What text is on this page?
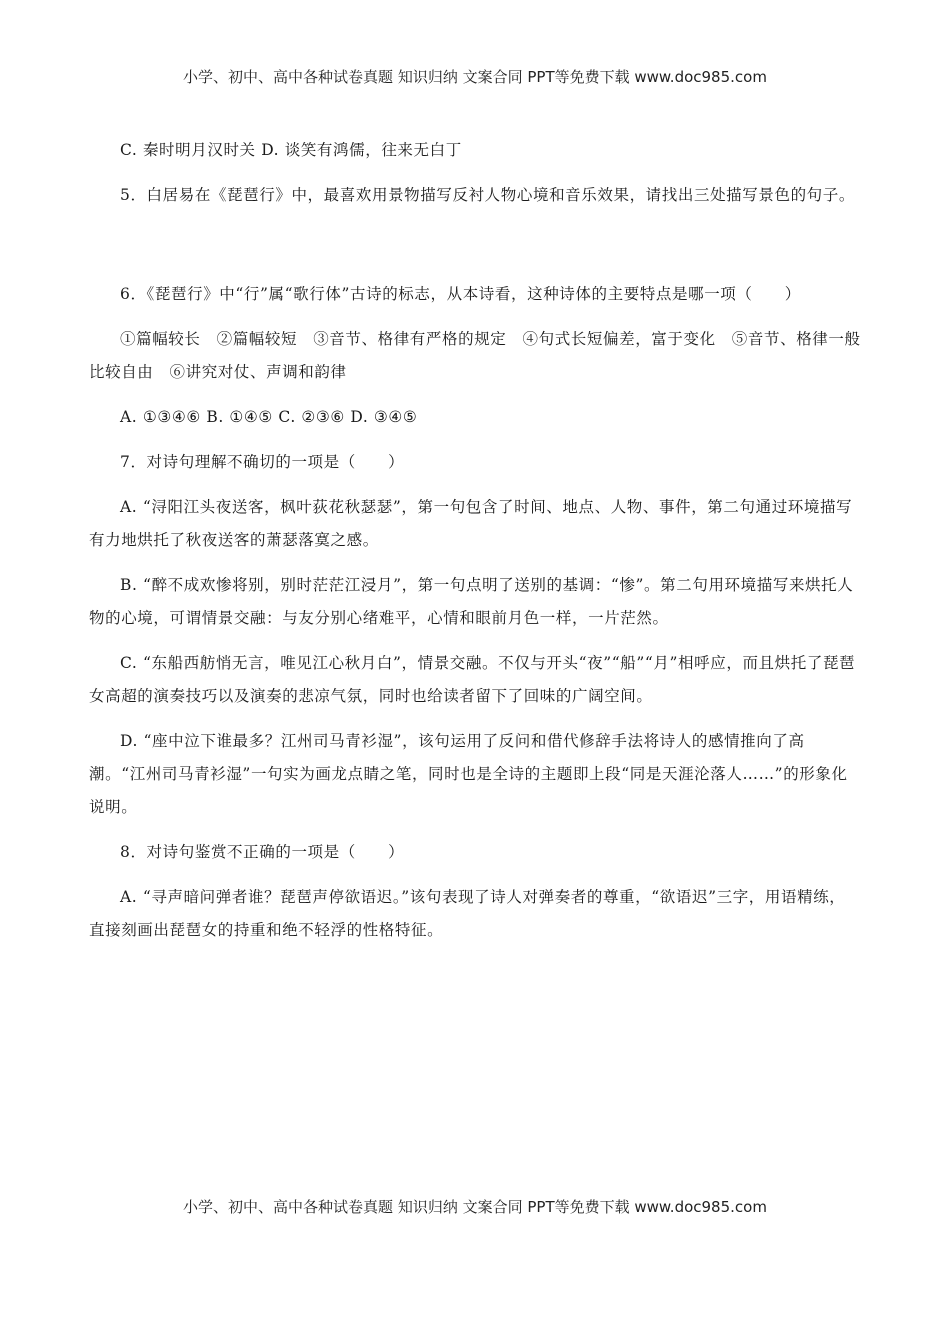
小学、初中、高中各种试卷真题 知识归纳 文案合同 PPT等免费下载 www.doc985.com

C. 秦时明月汉时关 D. 谈笑有鸿儒，往来无白丁

5．白居易在《琵琶行》中，最喜欢用景物描写反衬人物心境和音乐效果，请找出三处描写景色的句子。

6．《琵琶行》中“行”属“歌行体”古诗的标志，从本诗看，这种诗体的主要特点是哪一项（　　）

①篇幅较长　②篇幅较短　③音节、格律有严格的规定　④句式长短偏差，富于变化　⑤音节、格律一般比较自由　⑥讲究对仗、声调和韵律

A. ①③④⑥ B. ①④⑤ C. ②③⑥ D. ③④⑤

7．对诗句理解不确切的一项是（　　）

A. “浔阳江头夜送客，枫叶荻花秋瑟瑟”，第一句包含了时间、地点、人物、事件，第二句通过环境描写有力地烘托了秋夜送客的萧瑟落寞之感。

B. “醉不成欢惨将别，别时茫茫江浸月”，第一句点明了送别的基调：“惨”。第二句用环境描写来烘托人物的心境，可谓情景交融：与友分别心绪难平，心情和眼前月色一样，一片茫然。

C. “东船西舫悄无言，唯见江心秋月白”，情景交融。不仅与开头“夜”“船”“月”相呼应，而且烘托了琵琶女高超的演奏技巧以及演奏的悲凉气氛，同时也给读者留下了回味的广阔空间。

D. “座中泣下谁最多？江州司马青衫湿”，该句运用了反问和借代修辞手法将诗人的感情推向了高潮。“江州司马青衫湿”一句实为画龙点睛之笔，同时也是全诗的主题即上段“同是天涯沦落人……”的形象化说明。

8．对诗句鉴赏不正确的一项是（　　）

A. “寻声暗问弹者谁？琵琶声停欲语迟。”该句表现了诗人对弹奏者的尊重，“欲语迟”三字，用语精练，直接刻画出琵琶女的持重和绝不轻浮的性格特征。

小学、初中、高中各种试卷真题 知识归纳 文案合同 PPT等免费下载 www.doc985.com
